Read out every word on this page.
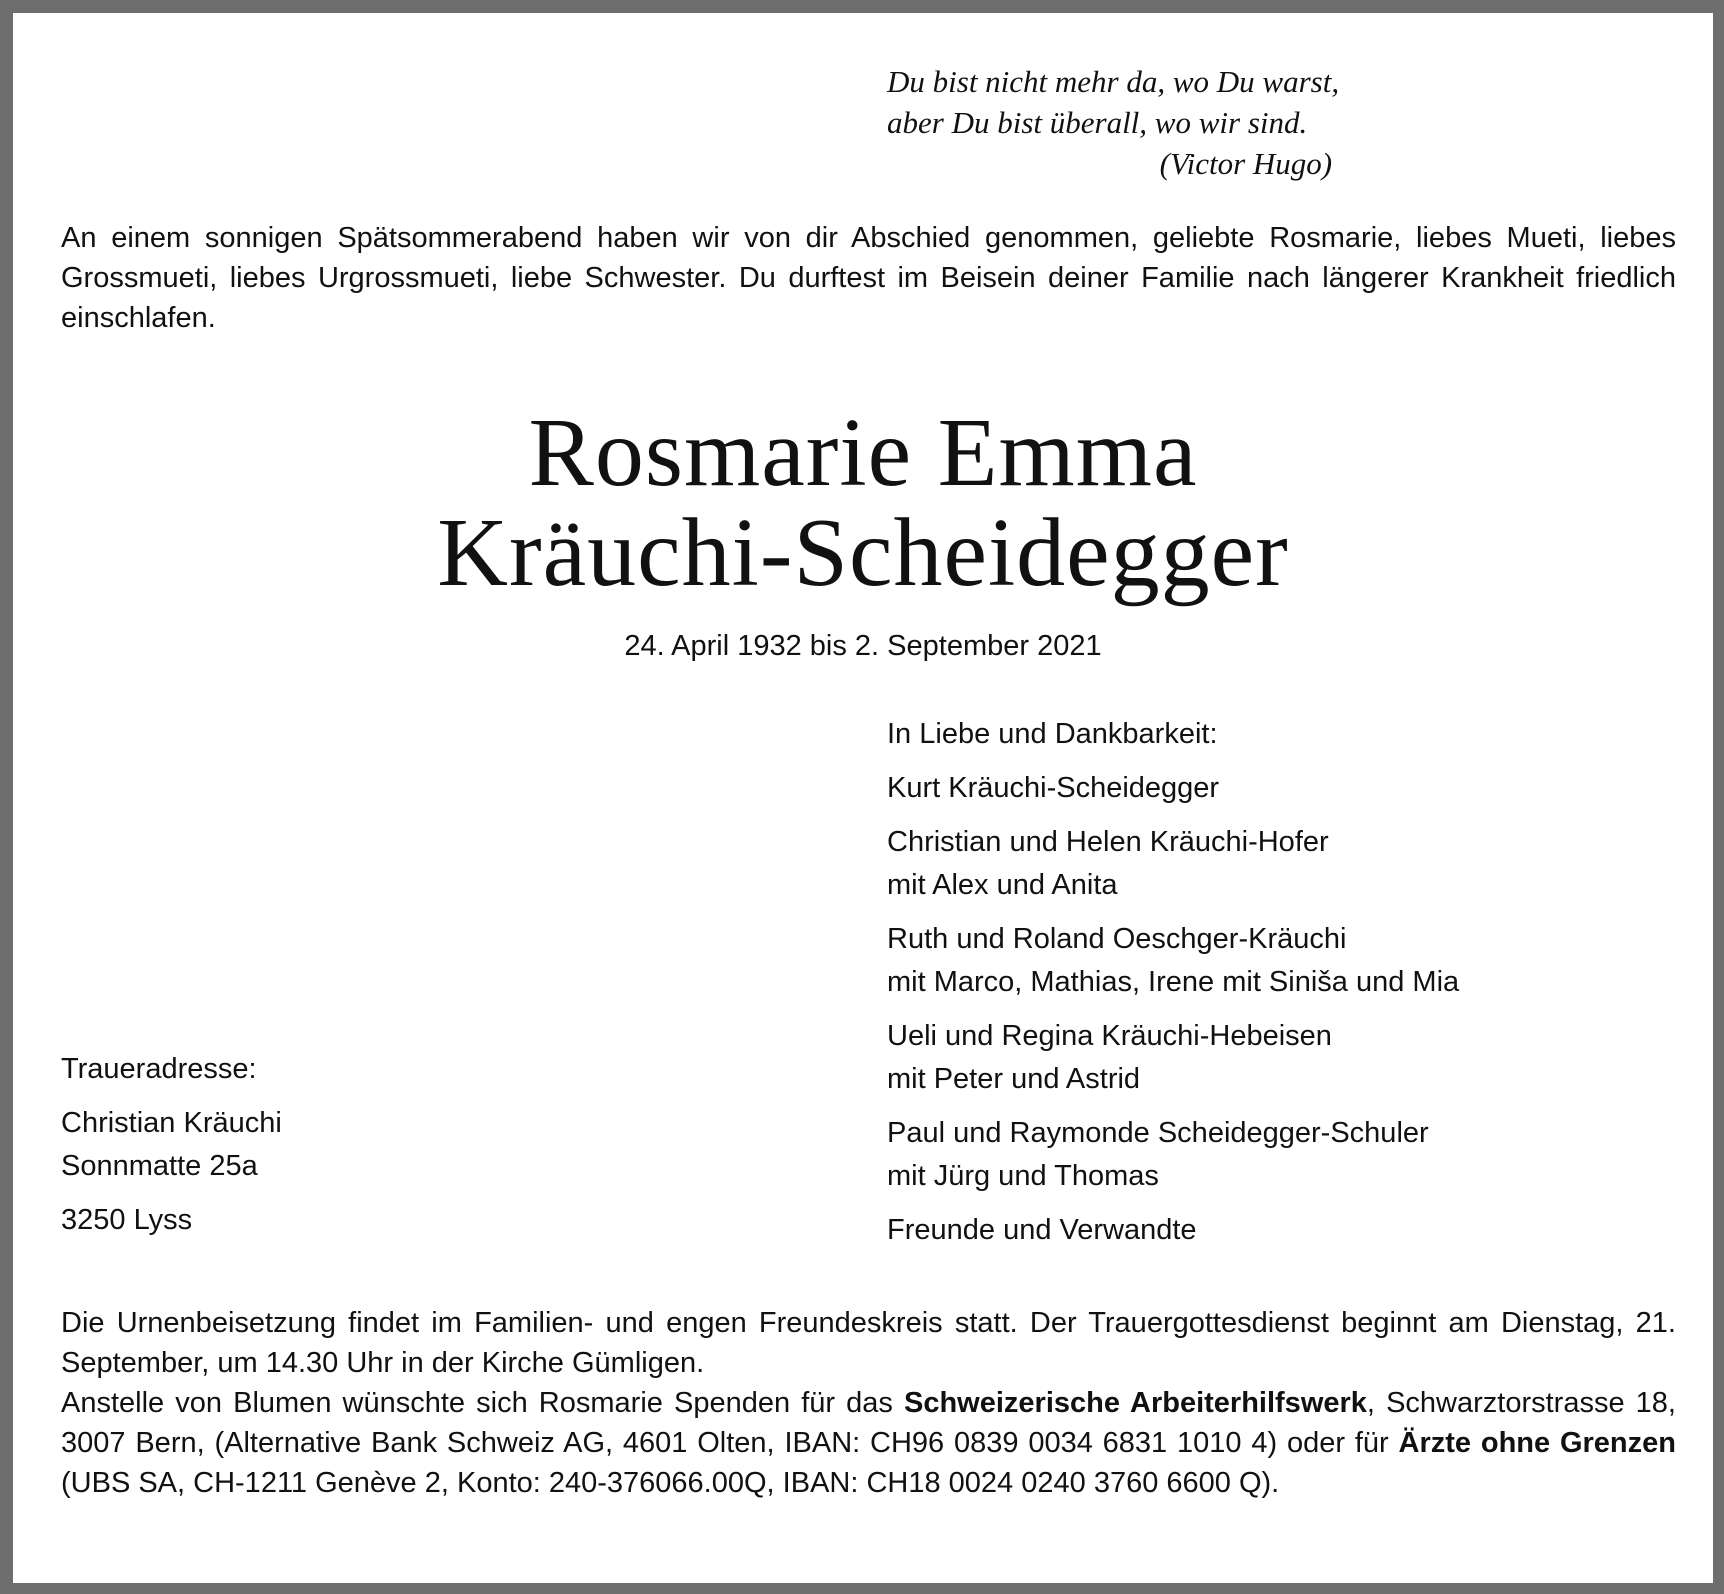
Du bist nicht mehr da, wo Du warst,
aber Du bist überall, wo wir sind.
(Victor Hugo)

An einem sonnigen Spätsommerabend haben wir von dir Abschied genommen, geliebte Rosmarie, liebes Mueti, liebes Grossmueti, liebes Urgrossmueti, liebe Schwester. Du durftest im Beisein deiner Familie nach längerer Krankheit friedlich einschlafen.

Rosmarie Emma
Kräuchi-Scheidegger
24. April 1932 bis 2. September 2021
In Liebe und Dankbarkeit:
Kurt Kräuchi-Scheidegger
Christian und Helen Kräuchi-Hofer
mit Alex und Anita
Ruth und Roland Oeschger-Kräuchi
mit Marco, Mathias, Irene mit Siniša und Mia
Ueli und Regina Kräuchi-Hebeisen
mit Peter und Astrid
Paul und Raymonde Scheidegger-Schuler
mit Jürg und Thomas
Freunde und Verwandte
Traueradresse:
Christian Kräuchi
Sonnmatte 25a
3250 Lyss
Die Urnenbeisetzung findet im Familien- und engen Freundeskreis statt. Der Trauergottesdienst beginnt am Dienstag, 21. September, um 14.30 Uhr in der Kirche Gümligen.
Anstelle von Blumen wünschte sich Rosmarie Spenden für das Schweizerische Arbeiterhilfswerk, Schwarztorstrasse 18, 3007 Bern, (Alternative Bank Schweiz AG, 4601 Olten, IBAN: CH96 0839 0034 6831 1010 4) oder für Ärzte ohne Grenzen (UBS SA, CH-1211 Genève 2, Konto: 240-376066.00Q, IBAN: CH18 0024 0240 3760 6600 Q).
